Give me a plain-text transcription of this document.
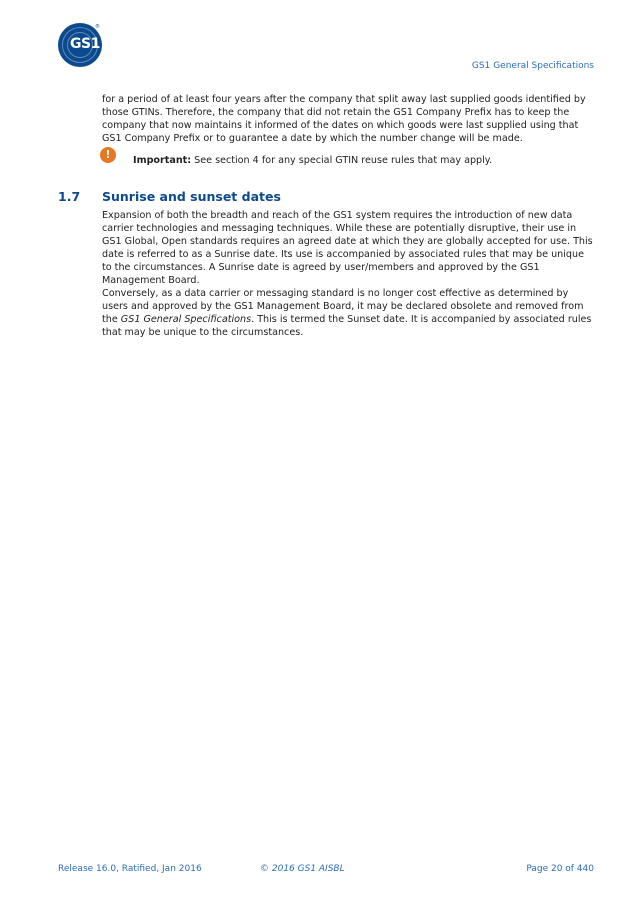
GS1
®
GS1 General Specifications
for a period of at least four years after the company that split away last supplied goods identified by those GTINs. Therefore, the company that did not retain the GS1 Company Prefix has to keep the company that now maintains it informed of the dates on which goods were last supplied using that GS1 Company Prefix or to guarantee a date by which the number change will be made.
!	Important: See section 4 for any special GTIN reuse rules that may apply.
1.7 Sunrise and sunset dates
Expansion of both the breadth and reach of the GS1 system requires the introduction of new data carrier technologies and messaging techniques. While these are potentially disruptive, their use in GS1 Global, Open standards requires an agreed date at which they are globally accepted for use. This date is referred to as a Sunrise date. Its use is accompanied by associated rules that may be unique to the circumstances. A Sunrise date is agreed by user/members and approved by the GS1 Management Board.
Conversely, as a data carrier or messaging standard is no longer cost effective as determined by users and approved by the GS1 Management Board, it may be declared obsolete and removed from the GS1 General Specifications. This is termed the Sunset date. It is accompanied by associated rules that may be unique to the circumstances.
Release 16.0, Ratified, Jan 2016	© 2016 GS1 AISBL	Page 20 of 440
